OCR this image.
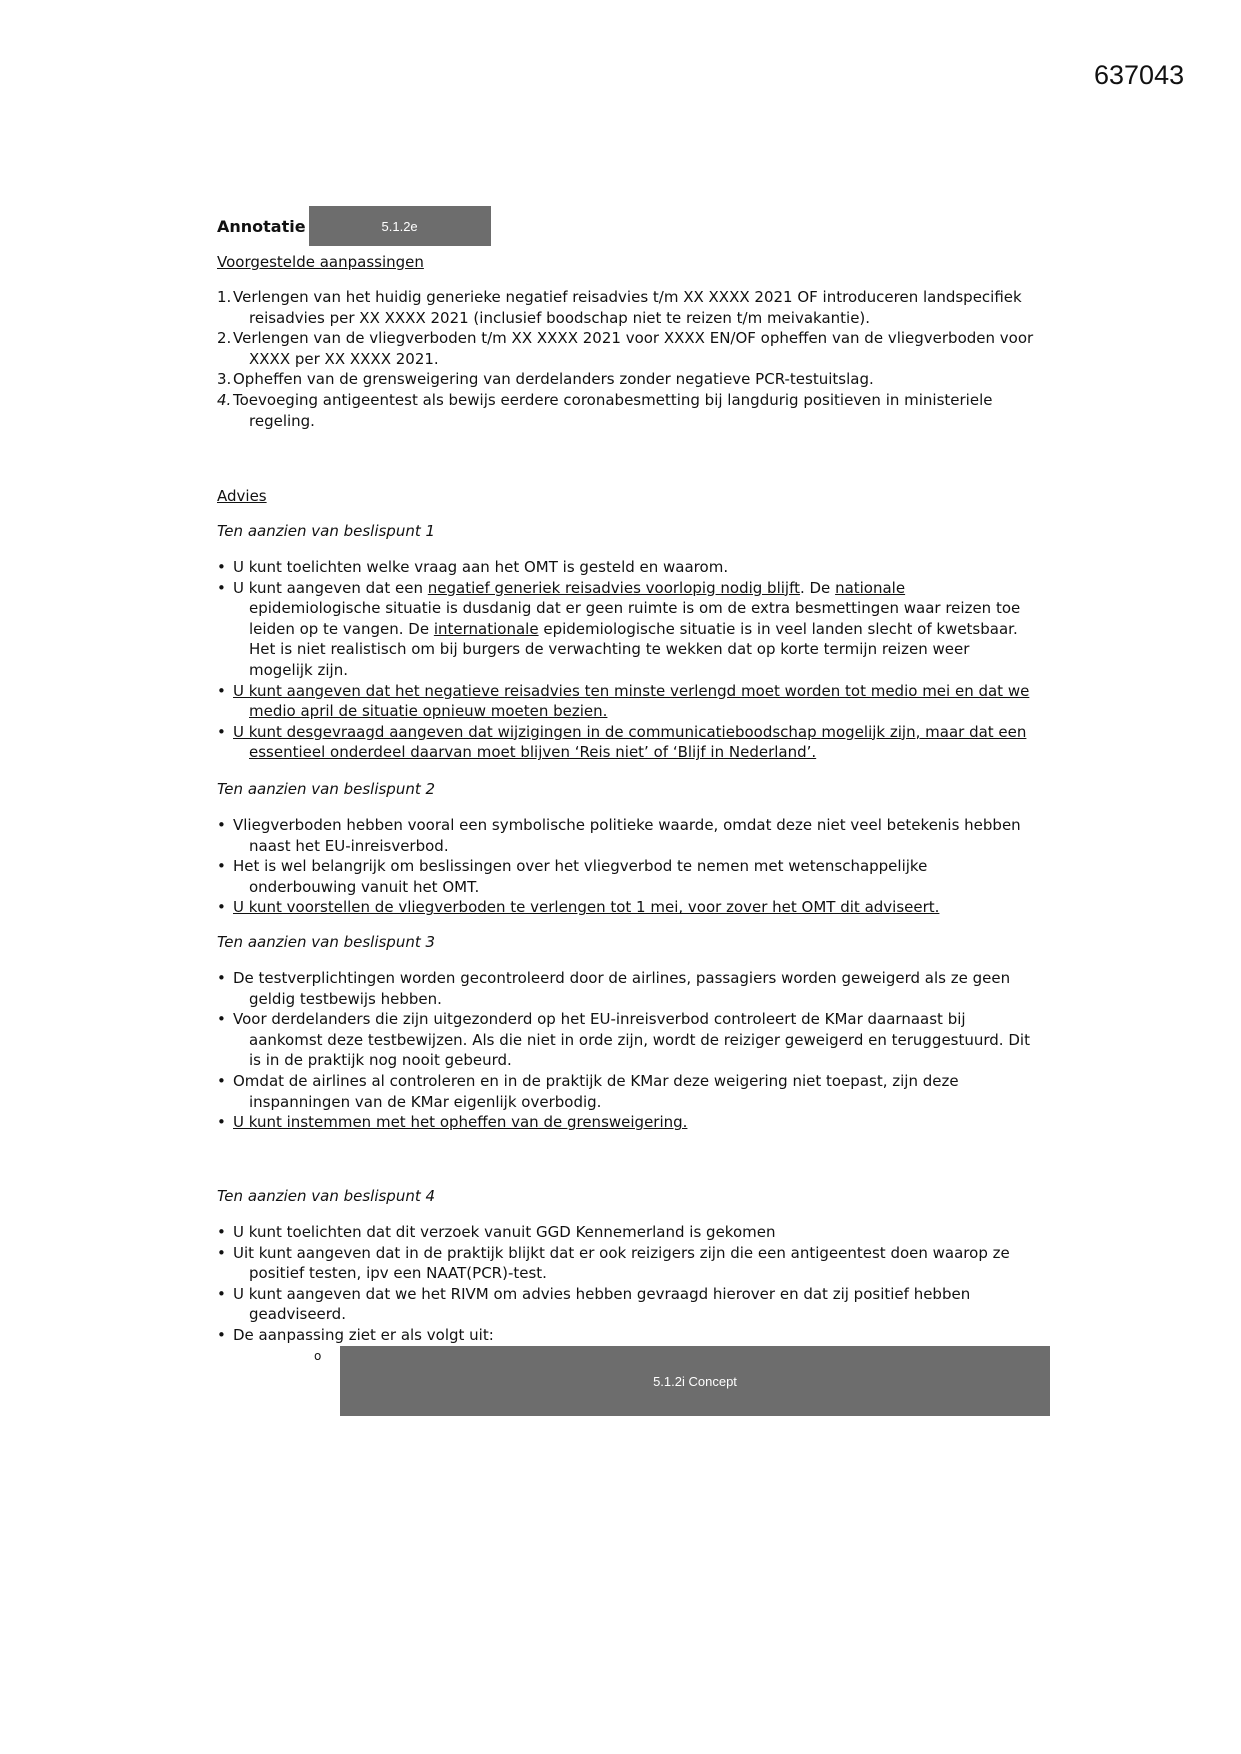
637043
Annotatie	5.1.2e
Voorgestelde aanpassingen
1. Verlengen van het huidig generieke negatief reisadvies t/m XX XXXX 2021 OF introduceren landspecifiek reisadvies per XX XXXX 2021 (inclusief boodschap niet te reizen t/m meivakantie).
2. Verlengen van de vliegverboden t/m XX XXXX 2021 voor XXXX EN/OF opheffen van de vliegverboden voor XXXX per XX XXXX 2021.
3. Opheffen van de grensweigering van derdelanders zonder negatieve PCR-testuitslag.
4. Toevoeging antigeentest als bewijs eerdere coronabesmetting bij langdurig positieven in ministeriele regeling.
Advies
Ten aanzien van beslispunt 1
• U kunt toelichten welke vraag aan het OMT is gesteld en waarom.
• U kunt aangeven dat een negatief generiek reisadvies voorlopig nodig blijft. De nationale epidemiologische situatie is dusdanig dat er geen ruimte is om de extra besmettingen waar reizen toe leiden op te vangen. De internationale epidemiologische situatie is in veel landen slecht of kwetsbaar. Het is niet realistisch om bij burgers de verwachting te wekken dat op korte termijn reizen weer mogelijk zijn.
• U kunt aangeven dat het negatieve reisadvies ten minste verlengd moet worden tot medio mei en dat we medio april de situatie opnieuw moeten bezien.
• U kunt desgevraagd aangeven dat wijzigingen in de communicatieboodschap mogelijk zijn, maar dat een essentieel onderdeel daarvan moet blijven ‘Reis niet’ of ‘Blijf in Nederland’.
Ten aanzien van beslispunt 2
• Vliegverboden hebben vooral een symbolische politieke waarde, omdat deze niet veel betekenis hebben naast het EU-inreisverbod.
• Het is wel belangrijk om beslissingen over het vliegverbod te nemen met wetenschappelijke onderbouwing vanuit het OMT.
• U kunt voorstellen de vliegverboden te verlengen tot 1 mei, voor zover het OMT dit adviseert.
Ten aanzien van beslispunt 3
• De testverplichtingen worden gecontroleerd door de airlines, passagiers worden geweigerd als ze geen geldig testbewijs hebben.
• Voor derdelanders die zijn uitgezonderd op het EU-inreisverbod controleert de KMar daarnaast bij aankomst deze testbewijzen. Als die niet in orde zijn, wordt de reiziger geweigerd en teruggestuurd. Dit is in de praktijk nog nooit gebeurd.
• Omdat de airlines al controleren en in de praktijk de KMar deze weigering niet toepast, zijn deze inspanningen van de KMar eigenlijk overbodig.
• U kunt instemmen met het opheffen van de grensweigering.
Ten aanzien van beslispunt 4
• U kunt toelichten dat dit verzoek vanuit GGD Kennemerland is gekomen
• Uit kunt aangeven dat in de praktijk blijkt dat er ook reizigers zijn die een antigeentest doen waarop ze positief testen, ipv een NAAT(PCR)-test.
• U kunt aangeven dat we het RIVM om advies hebben gevraagd hierover en dat zij positief hebben geadviseerd.
• De aanpassing ziet er als volgt uit:
o
5.1.2i Concept
